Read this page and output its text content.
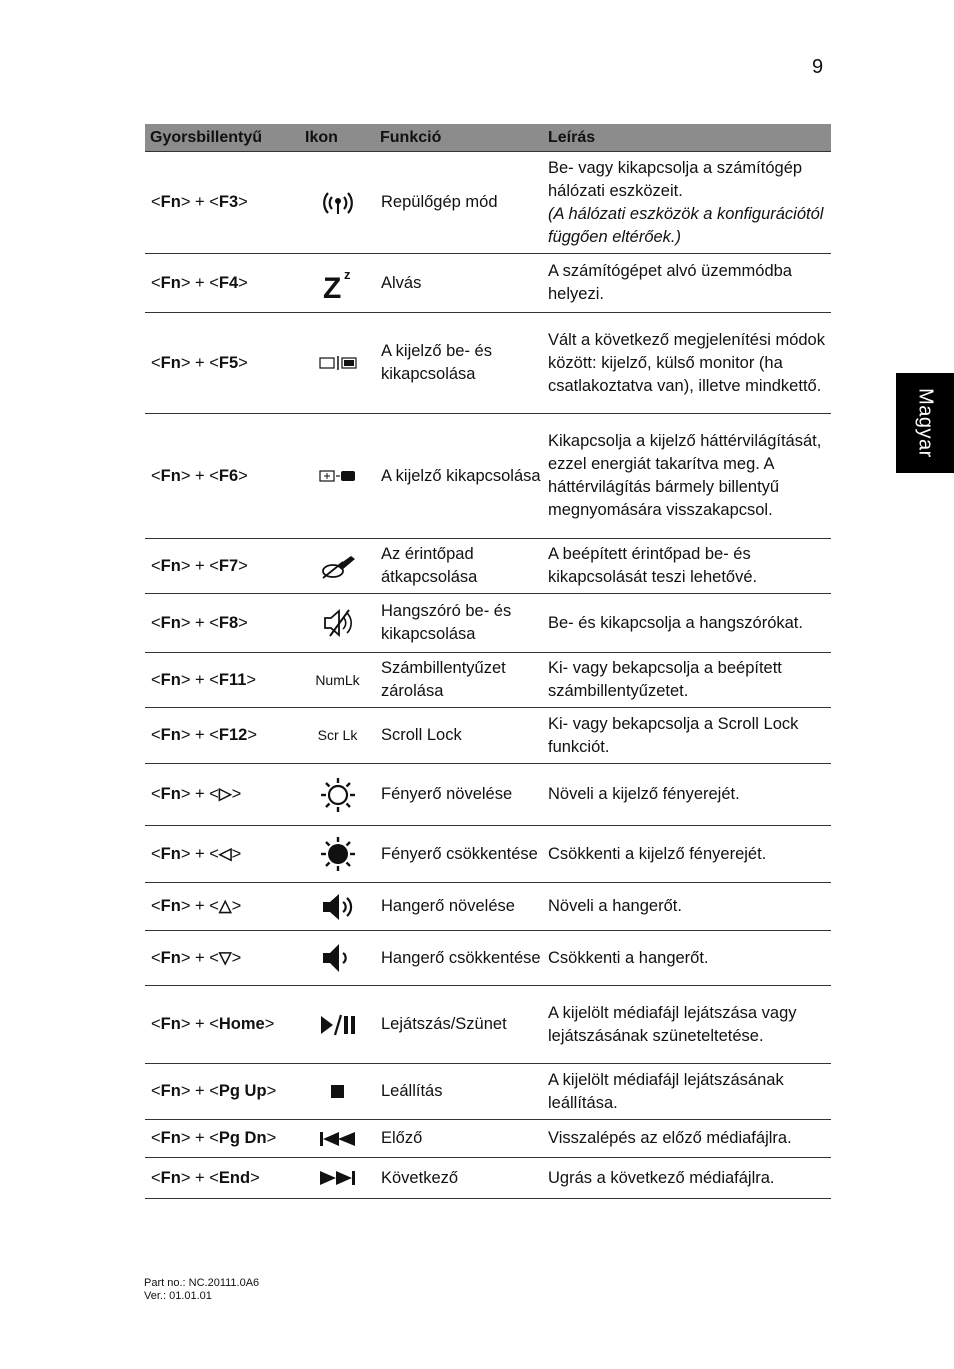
9
Magyar
Gyorsbillentyű	Ikon	Funkció	Leírás
<Fn> + <F3>		Repülőgép mód	Be- vagy kikapcsolja a számítógép hálózati eszközeit.
(A hálózati eszközök a konfigurációtól függően eltérőek.)
<Fn> + <F4>	Z z	Alvás	A számítógépet alvó üzemmódba helyezi.
<Fn> + <F5>		A kijelző be- és kikapcsolása	Vált a következő megjelenítési módok között: kijelző, külső monitor (ha csatlakoztatva van), illetve mindkettő.
<Fn> + <F6>		A kijelző kikapcsolása	Kikapcsolja a kijelző háttérvilágítását, ezzel energiát takarítva meg. A háttérvilágítás bármely billentyű megnyomására visszakapcsol.
<Fn> + <F7>		Az érintőpad átkapcsolása	A beépített érintőpad be- és kikapcsolását teszi lehetővé.
<Fn> + <F8>		Hangszóró be- és kikapcsolása	Be- és kikapcsolja a hangszórókat.
<Fn> + <F11>	NumLk	Számbillentyűzet zárolása	Ki- vagy bekapcsolja a beépített számbillentyűzetet.
<Fn> + <F12>	Scr Lk	Scroll Lock	Ki- vagy bekapcsolja a Scroll Lock funkciót.
<Fn> + <▷>		Fényerő növelése	Növeli a kijelző fényerejét.
<Fn> + <◁>		Fényerő csökkentése	Csökkenti a kijelző fényerejét.
<Fn> + <△>		Hangerő növelése	Növeli a hangerőt.
<Fn> + <▽>		Hangerő csökkentése	Csökkenti a hangerőt.
<Fn> + <Home>		Lejátszás/Szünet	A kijelölt médiafájl lejátszása vagy lejátszásának szüneteltetése.
<Fn> + <Pg Up>		Leállítás	A kijelölt médiafájl lejátszásának leállítása.
<Fn> + <Pg Dn>		Előző	Visszalépés az előző médiafájlra.
<Fn> + <End>		Következő	Ugrás a következő médiafájlra.
Part no.: NC.20111.0A6
Ver.: 01.01.01
